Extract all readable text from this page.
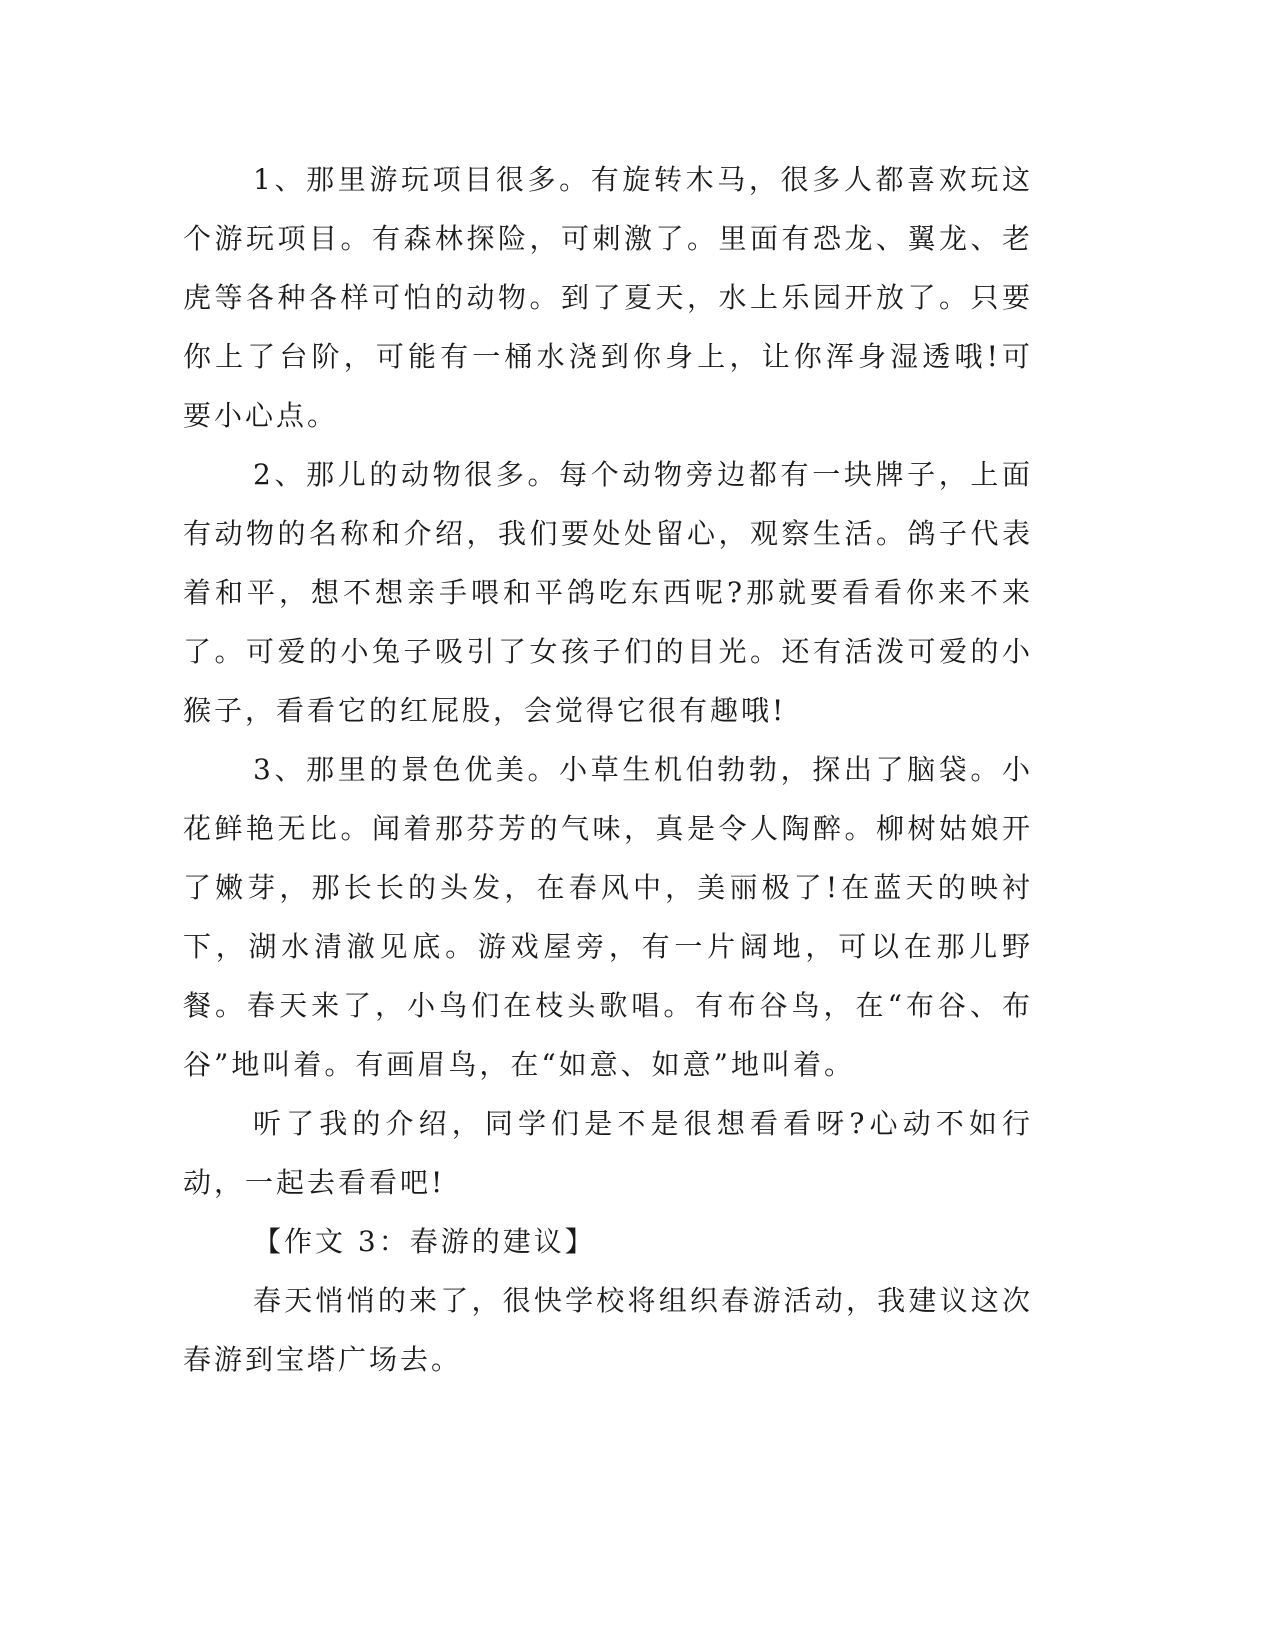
1、那里游玩项目很多。有旋转木马，很多人都喜欢玩这个游玩项目。有森林探险，可刺激了。里面有恐龙、翼龙、老虎等各种各样可怕的动物。到了夏天，水上乐园开放了。只要你上了台阶，可能有一桶水浇到你身上，让你浑身湿透哦!可要小心点。

2、那儿的动物很多。每个动物旁边都有一块牌子，上面有动物的名称和介绍，我们要处处留心，观察生活。鸽子代表着和平，想不想亲手喂和平鸽吃东西呢?那就要看看你来不来了。可爱的小兔子吸引了女孩子们的目光。还有活泼可爱的小猴子，看看它的红屁股，会觉得它很有趣哦!

3、那里的景色优美。小草生机伯勃勃，探出了脑袋。小花鲜艳无比。闻着那芬芳的气味，真是令人陶醉。柳树姑娘开了嫩芽，那长长的头发，在春风中，美丽极了!在蓝天的映衬下，湖水清澈见底。游戏屋旁，有一片阔地，可以在那儿野餐。春天来了，小鸟们在枝头歌唱。有布谷鸟，在“布谷、布谷”地叫着。有画眉鸟，在“如意、如意”地叫着。

听了我的介绍，同学们是不是很想看看呀?心动不如行动，一起去看看吧!

【作文 3：春游的建议】

春天悄悄的来了，很快学校将组织春游活动，我建议这次春游到宝塔广场去。
